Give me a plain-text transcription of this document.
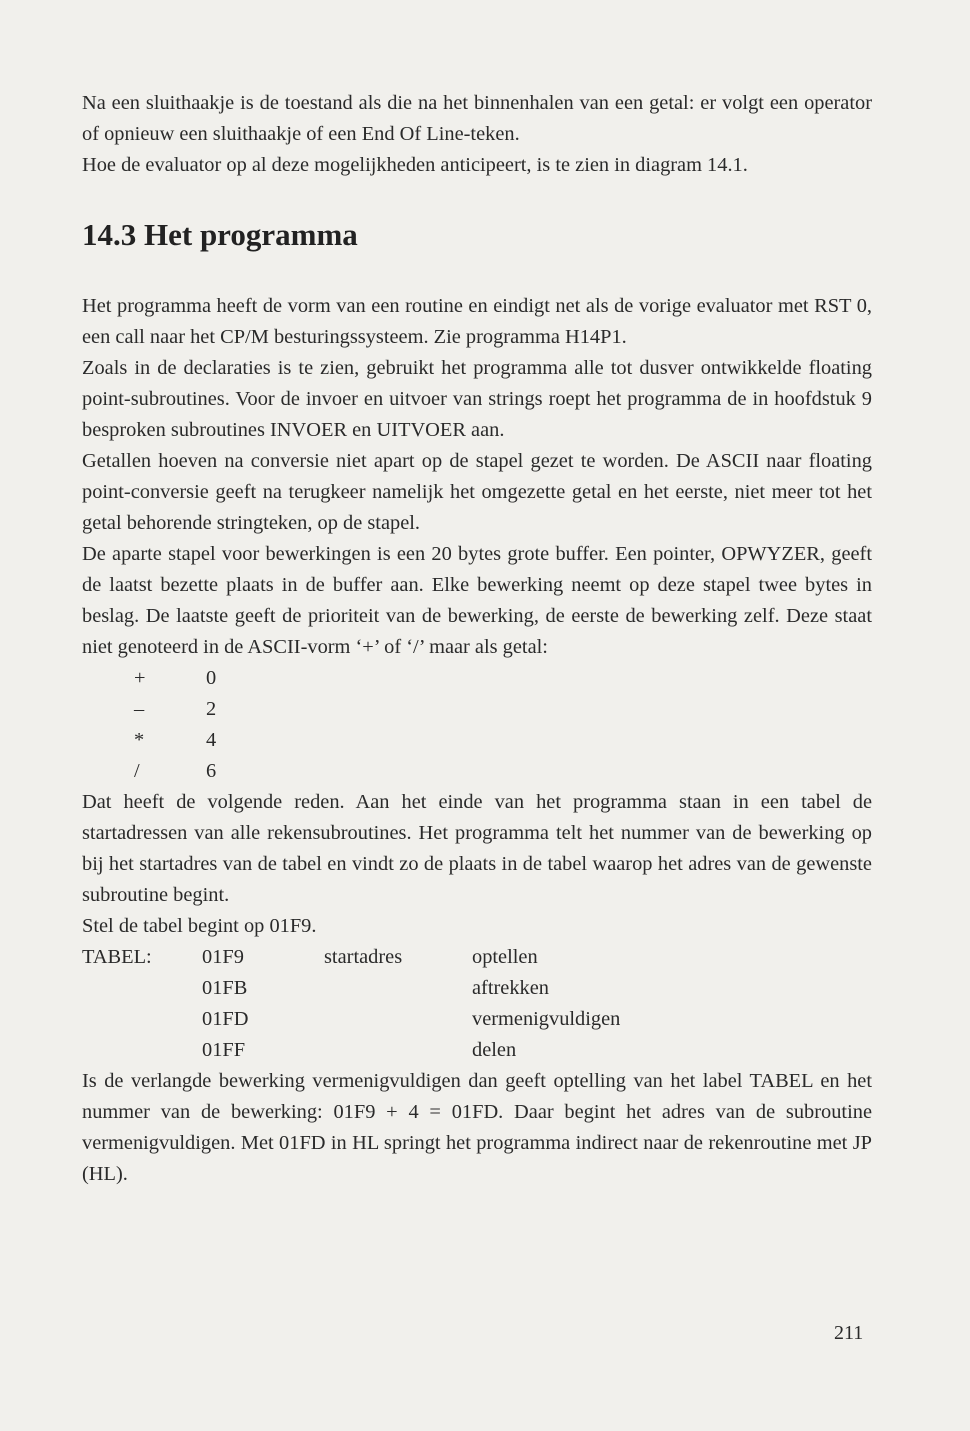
Na een sluithaakje is de toestand als die na het binnenhalen van een getal: er volgt een operator of opnieuw een sluithaakje of een End Of Line-teken.

Hoe de evaluator op al deze mogelijkheden anticipeert, is te zien in diagram 14.1.

14.3 Het programma

Het programma heeft de vorm van een routine en eindigt net als de vorige evaluator met RST 0, een call naar het CP/M besturingssysteem. Zie programma H14P1.

Zoals in de declaraties is te zien, gebruikt het programma alle tot dusver ontwikkelde floating point-subroutines. Voor de invoer en uitvoer van strings roept het programma de in hoofdstuk 9 besproken subroutines INVOER en UITVOER aan.

Getallen hoeven na conversie niet apart op de stapel gezet te worden. De ASCII naar floating point-conversie geeft na terugkeer namelijk het omgezette getal en het eerste, niet meer tot het getal behorende stringteken, op de stapel.

De aparte stapel voor bewerkingen is een 20 bytes grote buffer. Een pointer, OPWYZER, geeft de laatst bezette plaats in de buffer aan. Elke bewerking neemt op deze stapel twee bytes in beslag. De laatste geeft de prioriteit van de bewerking, de eerste de bewerking zelf. Deze staat niet genoteerd in de ASCII-vorm ‘+’ of ‘/’ maar als getal:

+	0
–	2
*	4
/	6

Dat heeft de volgende reden. Aan het einde van het programma staan in een tabel de startadressen van alle rekensubroutines. Het programma telt het nummer van de bewerking op bij het startadres van de tabel en vindt zo de plaats in de tabel waarop het adres van de gewenste subroutine begint.

Stel de tabel begint op 01F9.

TABEL:	01F9	startadres	optellen
01FB	aftrekken
01FD	vermenigvuldigen
01FF	delen

Is de verlangde bewerking vermenigvuldigen dan geeft optelling van het label TABEL en het nummer van de bewerking: 01F9 + 4 = 01FD. Daar begint het adres van de subroutine vermenigvuldigen. Met 01FD in HL springt het programma indirect naar de rekenroutine met JP (HL).

211
